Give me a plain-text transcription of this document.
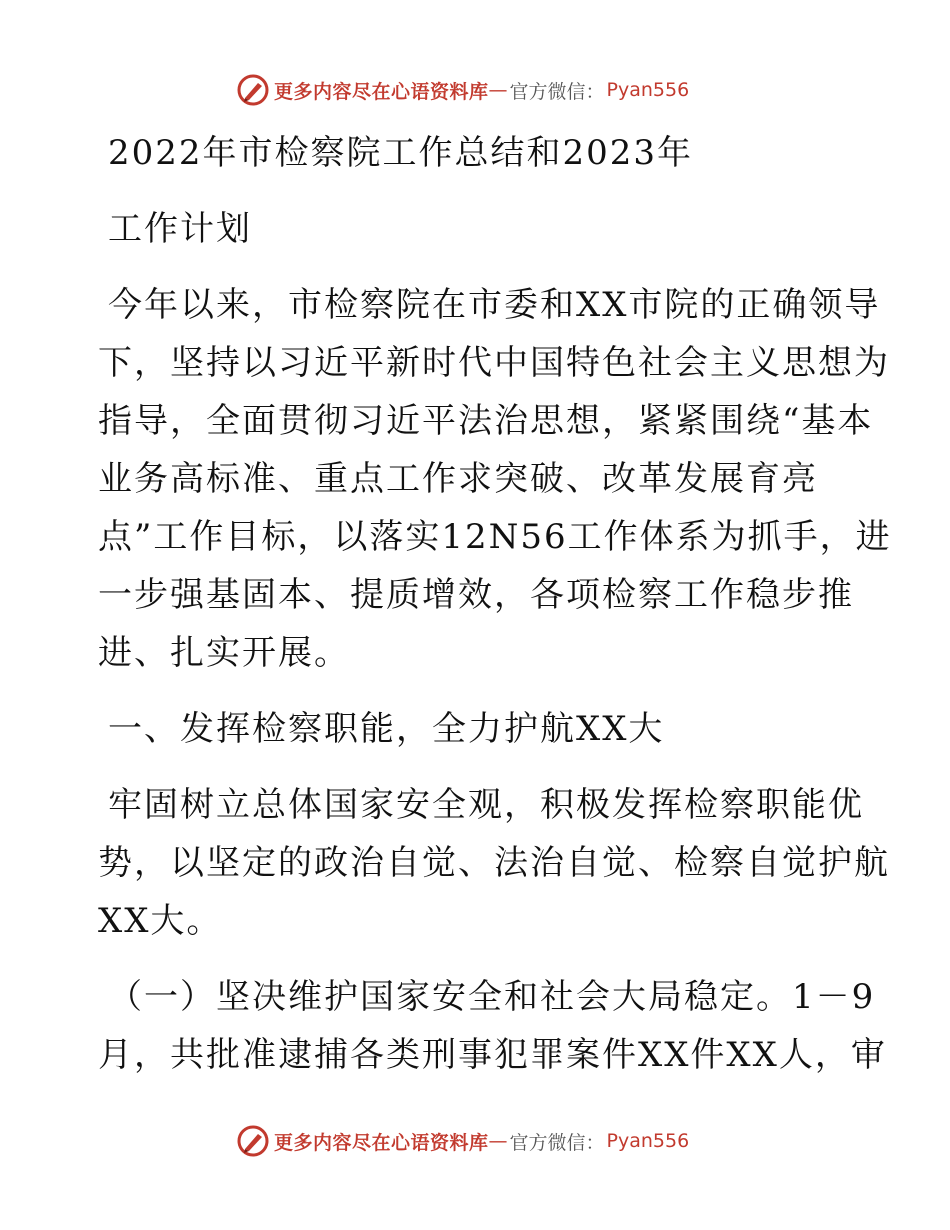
更多内容尽在心语资料库 — 官方微信： Pyan556
2022年市检察院工作总结和2023年
工作计划
今年以来，市检察院在市委和XX市院的正确领导
下，坚持以习近平新时代中国特色社会主义思想为
指导，全面贯彻习近平法治思想，紧紧围绕“基本
业务高标准、重点工作求突破、改革发展育亮
点”工作目标，以落实12N56工作体系为抓手，进
一步强基固本、提质增效，各项检察工作稳步推
进、扎实开展。
一、发挥检察职能，全力护航XX大
牢固树立总体国家安全观，积极发挥检察职能优
势，以坚定的政治自觉、法治自觉、检察自觉护航
XX大。
（一）坚决维护国家安全和社会大局稳定。1－9
月，共批准逮捕各类刑事犯罪案件XX件XX人，审
更多内容尽在心语资料库 — 官方微信： Pyan556
